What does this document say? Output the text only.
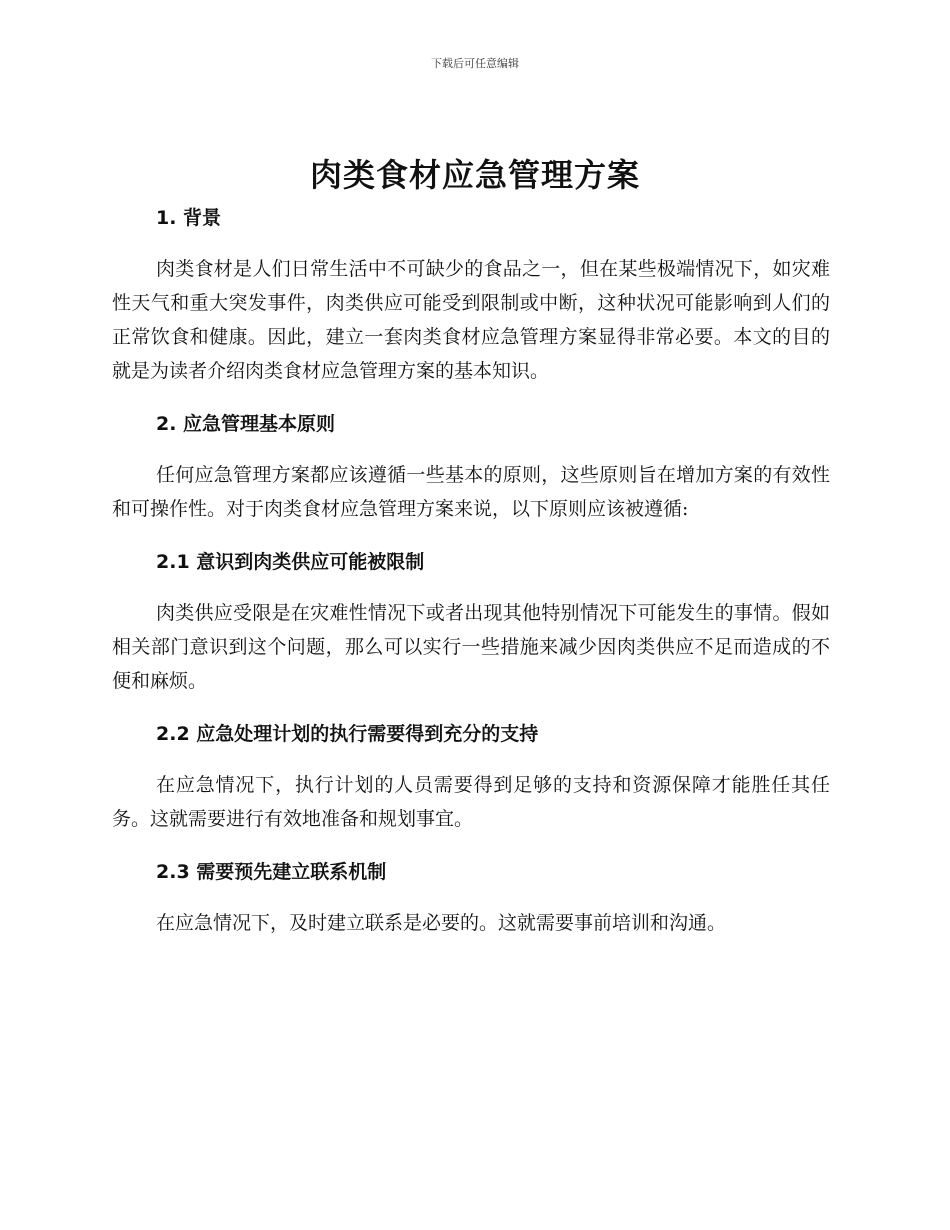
下载后可任意编辑
肉类食材应急管理方案
1. 背景

肉类食材是人们日常生活中不可缺少的食品之一，但在某些极端情况下，如灾难性天气和重大突发事件，肉类供应可能受到限制或中断，这种状况可能影响到人们的正常饮食和健康。因此，建立一套肉类食材应急管理方案显得非常必要。本文的目的就是为读者介绍肉类食材应急管理方案的基本知识。

2. 应急管理基本原则

任何应急管理方案都应该遵循一些基本的原则，这些原则旨在增加方案的有效性和可操作性。对于肉类食材应急管理方案来说，以下原则应该被遵循:

2.1 意识到肉类供应可能被限制

肉类供应受限是在灾难性情况下或者出现其他特别情况下可能发生的事情。假如相关部门意识到这个问题，那么可以实行一些措施来减少因肉类供应不足而造成的不便和麻烦。

2.2 应急处理计划的执行需要得到充分的支持

在应急情况下，执行计划的人员需要得到足够的支持和资源保障才能胜任其任务。这就需要进行有效地准备和规划事宜。

2.3 需要预先建立联系机制

在应急情况下，及时建立联系是必要的。这就需要事前培训和沟通。
